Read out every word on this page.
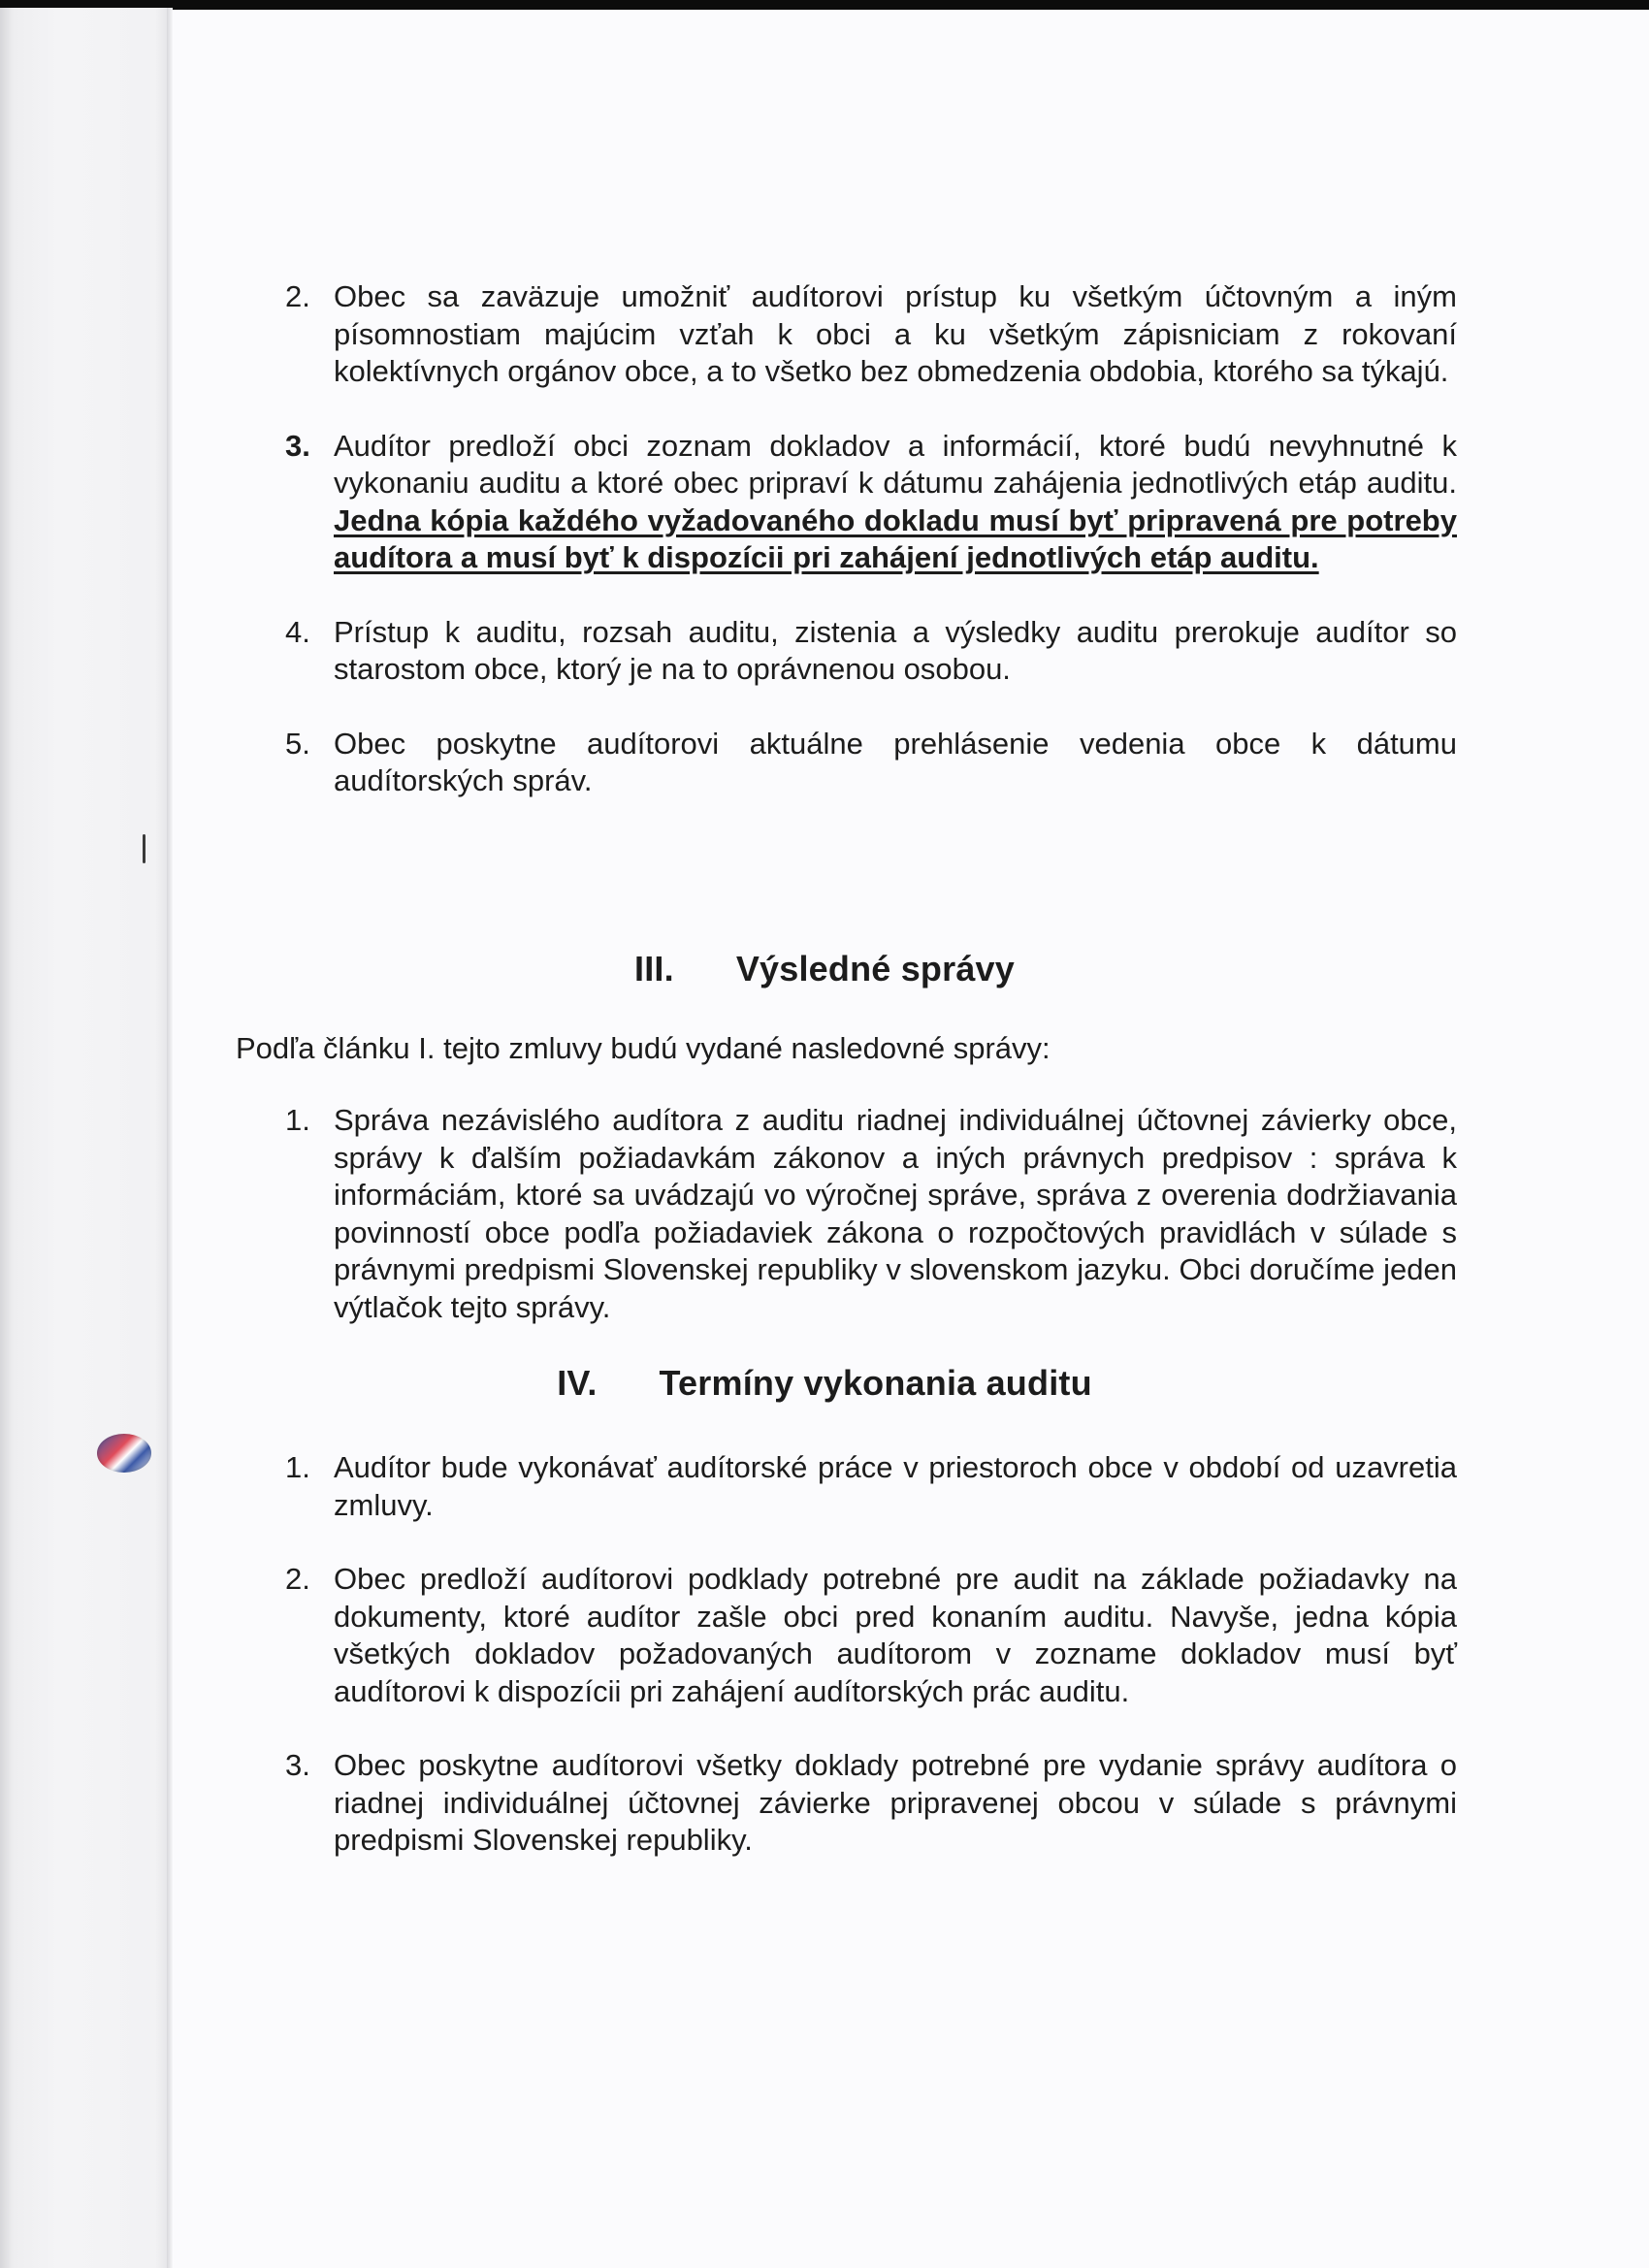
2. Obec sa zaväzuje umožniť audítorovi prístup ku všetkým účtovným a iným písomnostiam majúcim vzťah k obci a ku všetkým zápisniciam z rokovaní kolektívnych orgánov obce, a to všetko bez obmedzenia obdobia, ktorého sa týkajú.
3. Audítor predloží obci zoznam dokladov a informácií, ktoré budú nevyhnutné k vykonaniu auditu a ktoré obec pripraví k dátumu zahájenia jednotlivých etáp auditu. Jedna kópia každého vyžadovaného dokladu musí byť pripravená pre potreby audítora a musí byť k dispozícii pri zahájení jednotlivých etáp auditu.
4. Prístup k auditu, rozsah auditu, zistenia a výsledky auditu prerokuje audítor so starostom obce, ktorý je na to oprávnenou osobou.
5. Obec poskytne audítorovi aktuálne prehlásenie vedenia obce k dátumu audítorských správ.
III. Výsledné správy
Podľa článku I. tejto zmluvy budú vydané nasledovné správy:
1. Správa nezávislého audítora z auditu riadnej individuálnej účtovnej závierky obce, správy k ďalším požiadavkám zákonov a iných právnych predpisov : správa k informáciám, ktoré sa uvádzajú vo výročnej správe, správa z overenia dodržiavania povinností obce podľa požiadaviek zákona o rozpočtových pravidlách v súlade s právnymi predpismi Slovenskej republiky v slovenskom jazyku. Obci doručíme jeden výtlačok tejto správy.
IV. Termíny vykonania auditu
1. Audítor bude vykonávať audítorské práce v priestoroch obce v období od uzavretia zmluvy.
2. Obec predloží audítorovi podklady potrebné pre audit na základe požiadavky na dokumenty, ktoré audítor zašle obci pred konaním auditu. Navyše, jedna kópia všetkých dokladov požadovaných audítorom v zozname dokladov musí byť audítorovi k dispozícii pri zahájení audítorských prác auditu.
3. Obec poskytne audítorovi všetky doklady potrebné pre vydanie správy audítora o riadnej individuálnej účtovnej závierke pripravenej obcou v súlade s právnymi predpismi Slovenskej republiky.
